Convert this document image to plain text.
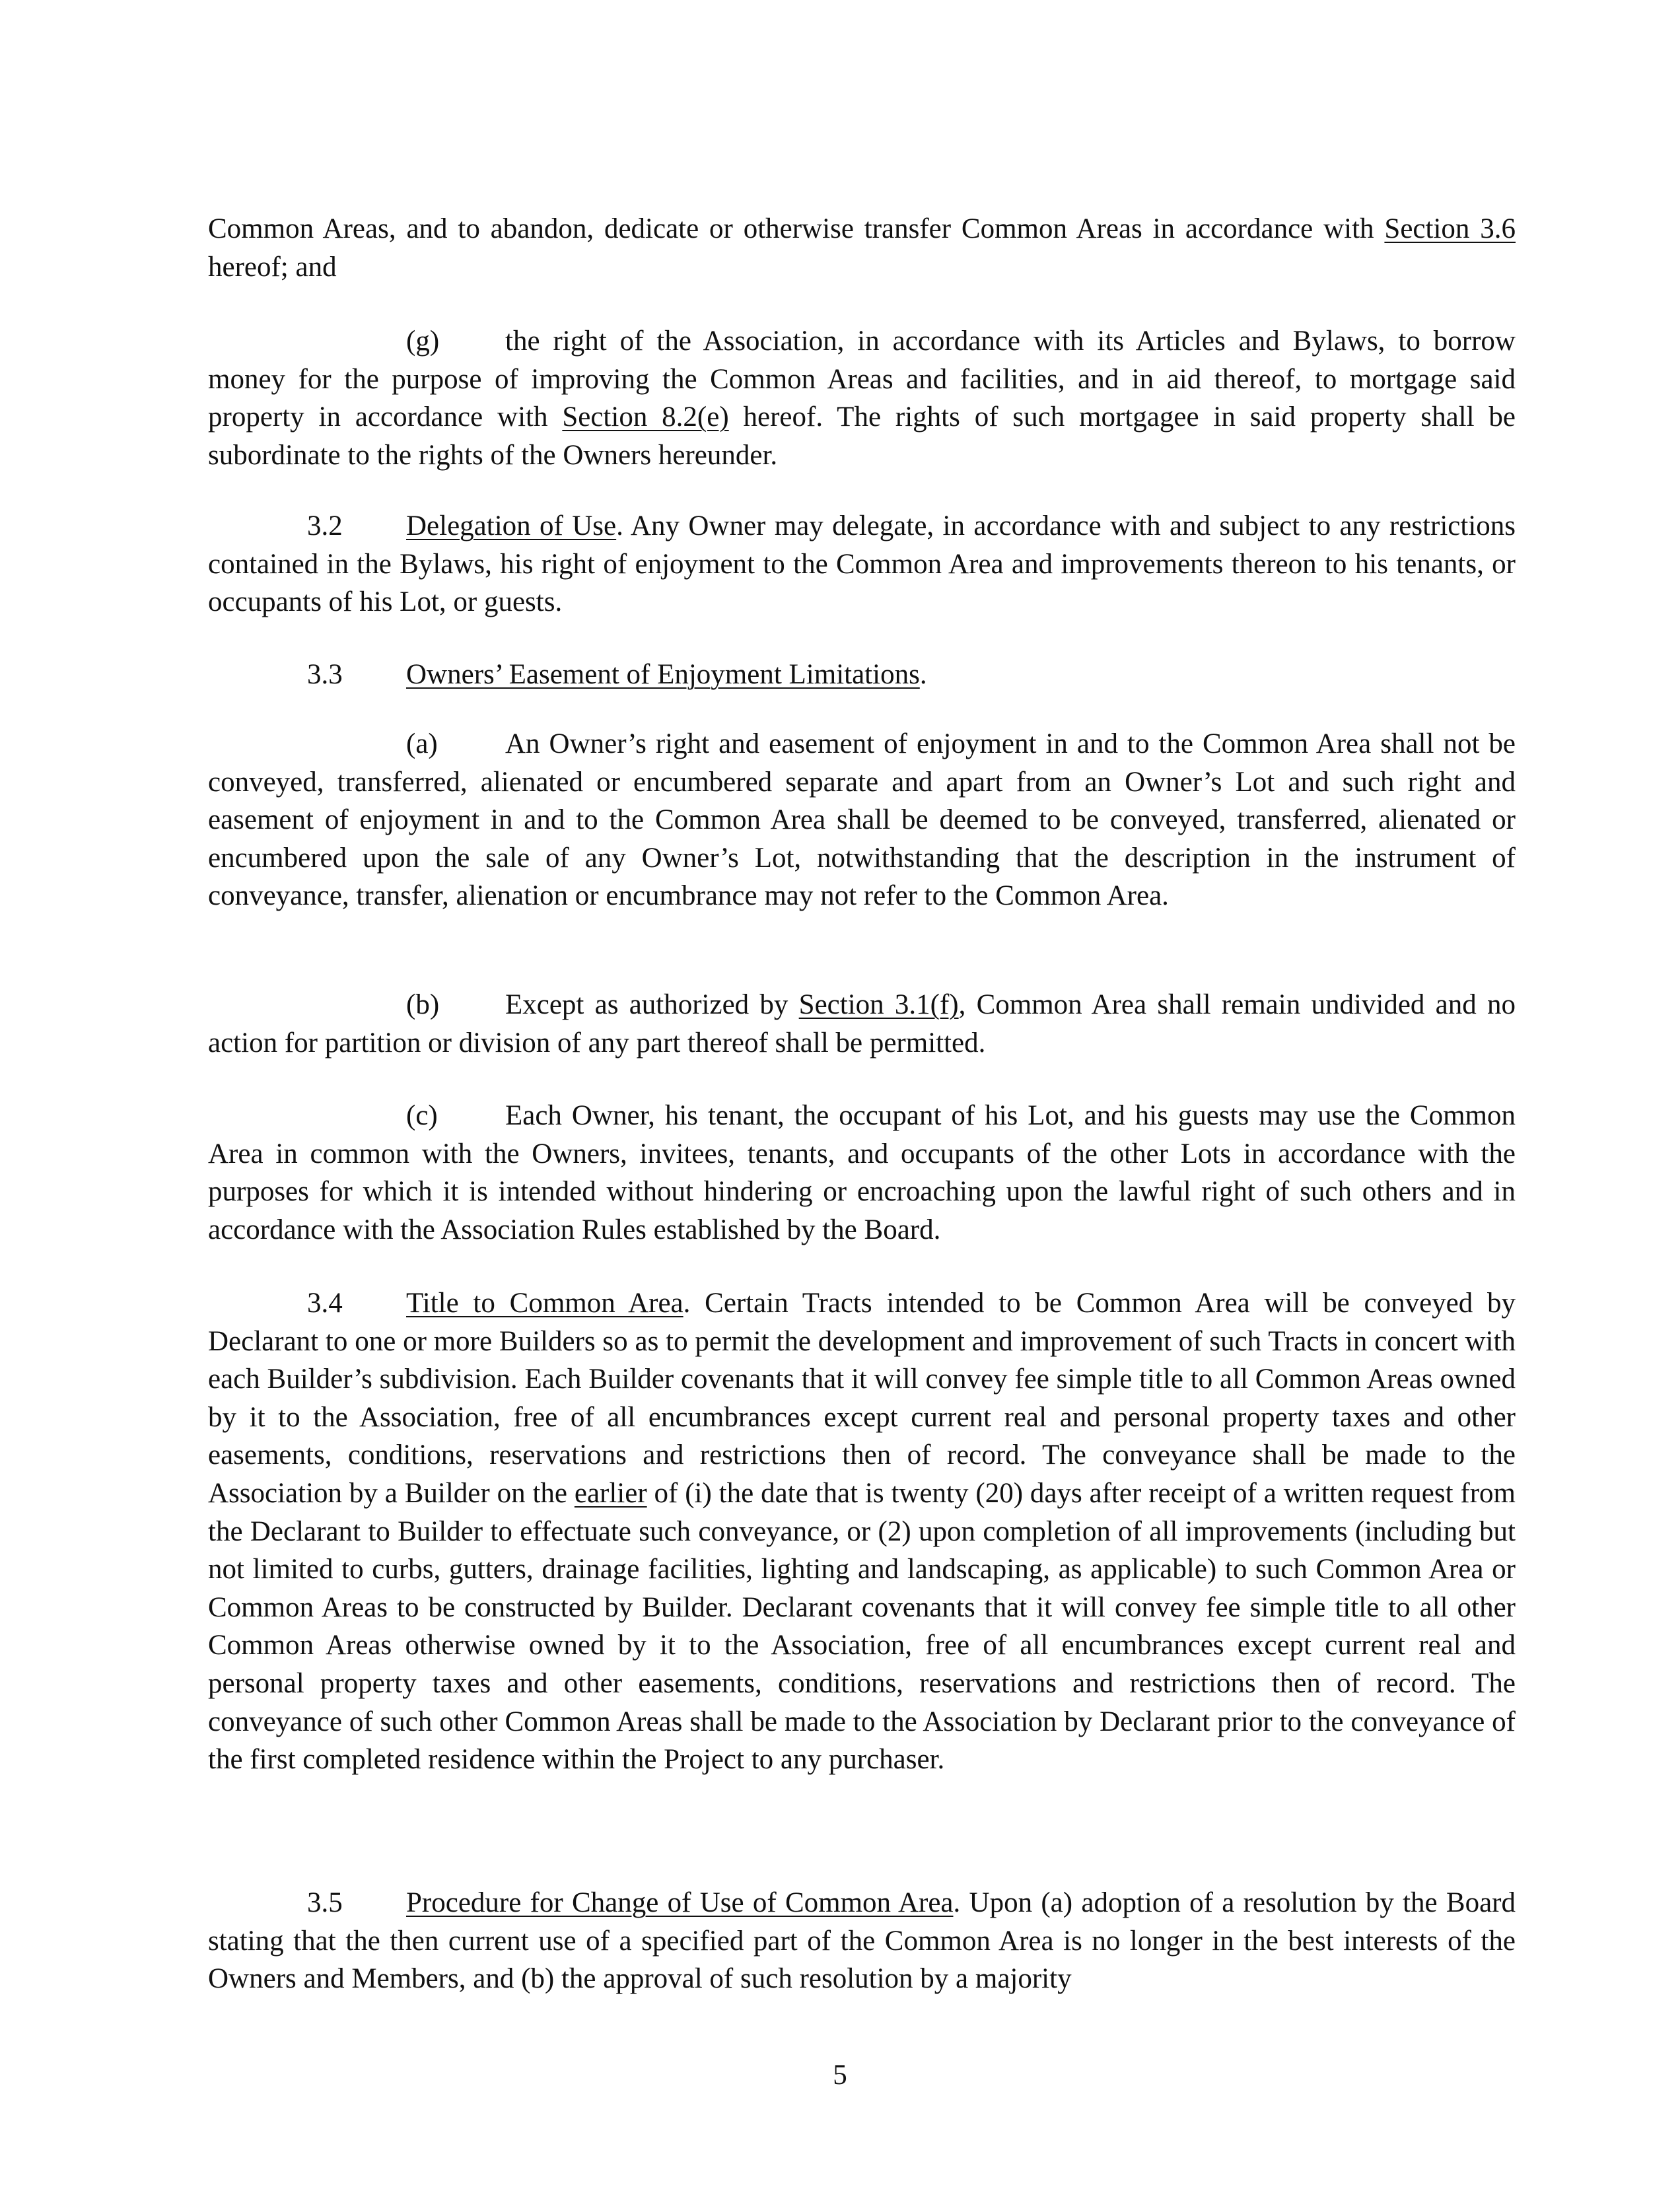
Common Areas, and to abandon, dedicate or otherwise transfer Common Areas in accordance with Section 3.6 hereof; and
(g) the right of the Association, in accordance with its Articles and Bylaws, to borrow money for the purpose of improving the Common Areas and facilities, and in aid thereof, to mortgage said property in accordance with Section 8.2(e) hereof. The rights of such mortgagee in said property shall be subordinate to the rights of the Owners hereunder.
3.2 Delegation of Use. Any Owner may delegate, in accordance with and subject to any restrictions contained in the Bylaws, his right of enjoyment to the Common Area and improvements thereon to his tenants, or occupants of his Lot, or guests.
3.3 Owners’ Easement of Enjoyment Limitations.
(a) An Owner’s right and easement of enjoyment in and to the Common Area shall not be conveyed, transferred, alienated or encumbered separate and apart from an Owner’s Lot and such right and easement of enjoyment in and to the Common Area shall be deemed to be conveyed, transferred, alienated or encumbered upon the sale of any Owner’s Lot, notwithstanding that the description in the instrument of conveyance, transfer, alienation or encumbrance may not refer to the Common Area.
(b) Except as authorized by Section 3.1(f), Common Area shall remain undivided and no action for partition or division of any part thereof shall be permitted.
(c) Each Owner, his tenant, the occupant of his Lot, and his guests may use the Common Area in common with the Owners, invitees, tenants, and occupants of the other Lots in accordance with the purposes for which it is intended without hindering or encroaching upon the lawful right of such others and in accordance with the Association Rules established by the Board.
3.4 Title to Common Area. Certain Tracts intended to be Common Area will be conveyed by Declarant to one or more Builders so as to permit the development and improvement of such Tracts in concert with each Builder’s subdivision. Each Builder covenants that it will convey fee simple title to all Common Areas owned by it to the Association, free of all encumbrances except current real and personal property taxes and other easements, conditions, reservations and restrictions then of record. The conveyance shall be made to the Association by a Builder on the earlier of (i) the date that is twenty (20) days after receipt of a written request from the Declarant to Builder to effectuate such conveyance, or (2) upon completion of all improvements (including but not limited to curbs, gutters, drainage facilities, lighting and landscaping, as applicable) to such Common Area or Common Areas to be constructed by Builder. Declarant covenants that it will convey fee simple title to all other Common Areas otherwise owned by it to the Association, free of all encumbrances except current real and personal property taxes and other easements, conditions, reservations and restrictions then of record. The conveyance of such other Common Areas shall be made to the Association by Declarant prior to the conveyance of the first completed residence within the Project to any purchaser.
3.5 Procedure for Change of Use of Common Area. Upon (a) adoption of a resolution by the Board stating that the then current use of a specified part of the Common Area is no longer in the best interests of the Owners and Members, and (b) the approval of such resolution by a majority
5
